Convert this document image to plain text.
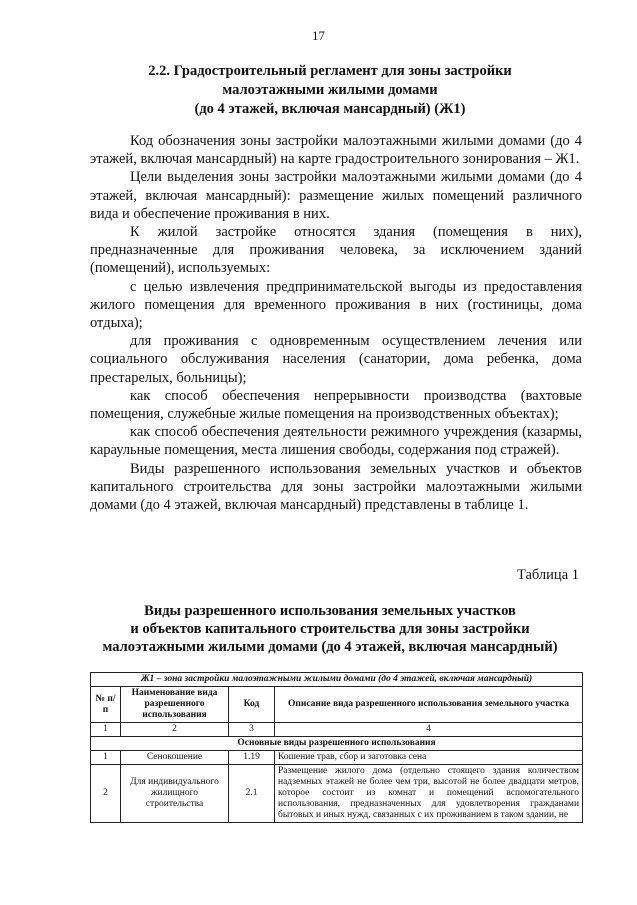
17
2.2. Градостроительный регламент для зоны застройки
малоэтажными жилыми домами
(до 4 этажей, включая мансардный) (Ж1)

Код обозначения зоны застройки малоэтажными жилыми домами (до 4 этажей, включая мансардный) на карте градостроительного зонирования – Ж1.

Цели выделения зоны застройки малоэтажными жилыми домами (до 4 этажей, включая мансардный): размещение жилых помещений различного вида и обеспечение проживания в них.

К жилой застройке относятся здания (помещения в них), предназначенные для проживания человека, за исключением зданий (помещений), используемых:

с целью извлечения предпринимательской выгоды из предоставления жилого помещения для временного проживания в них (гостиницы, дома отдыха);

для проживания с одновременным осуществлением лечения или социального обслуживания населения (санатории, дома ребенка, дома престарелых, больницы);

как способ обеспечения непрерывности производства (вахтовые помещения, служебные жилые помещения на производственных объектах);

как способ обеспечения деятельности режимного учреждения (казармы, караульные помещения, места лишения свободы, содержания под стражей).

Виды разрешенного использования земельных участков и объектов капитального строительства для зоны застройки малоэтажными жилыми домами (до 4 этажей, включая мансардный) представлены в таблице 1.

Таблица 1
Виды разрешенного использования земельных участков
и объектов капитального строительства для зоны застройки
малоэтажными жилыми домами (до 4 этажей, включая мансардный)
Ж1 – зона застройки малоэтажными жилыми домами (до 4 этажей, включая мансардный)			
№ п/п	Наименование вида разрешенного использования	Код	Описание вида разрешенного использования земельного участка
1	2	3	4
Основные виды разрешенного использования			
1	Сенокошение	1.19	Кошение трав, сбор и заготовка сена
2	Для индивидуального жилищного строительства	2.1	Размещение жилого дома (отдельно стоящего здания количеством надземных этажей не более чем три, высотой не более двадцати метров, которое состоит из комнат и помещений вспомогательного использования, предназначенных для удовлетворения гражданами бытовых и иных нужд, связанных с их проживанием в таком здании, не
